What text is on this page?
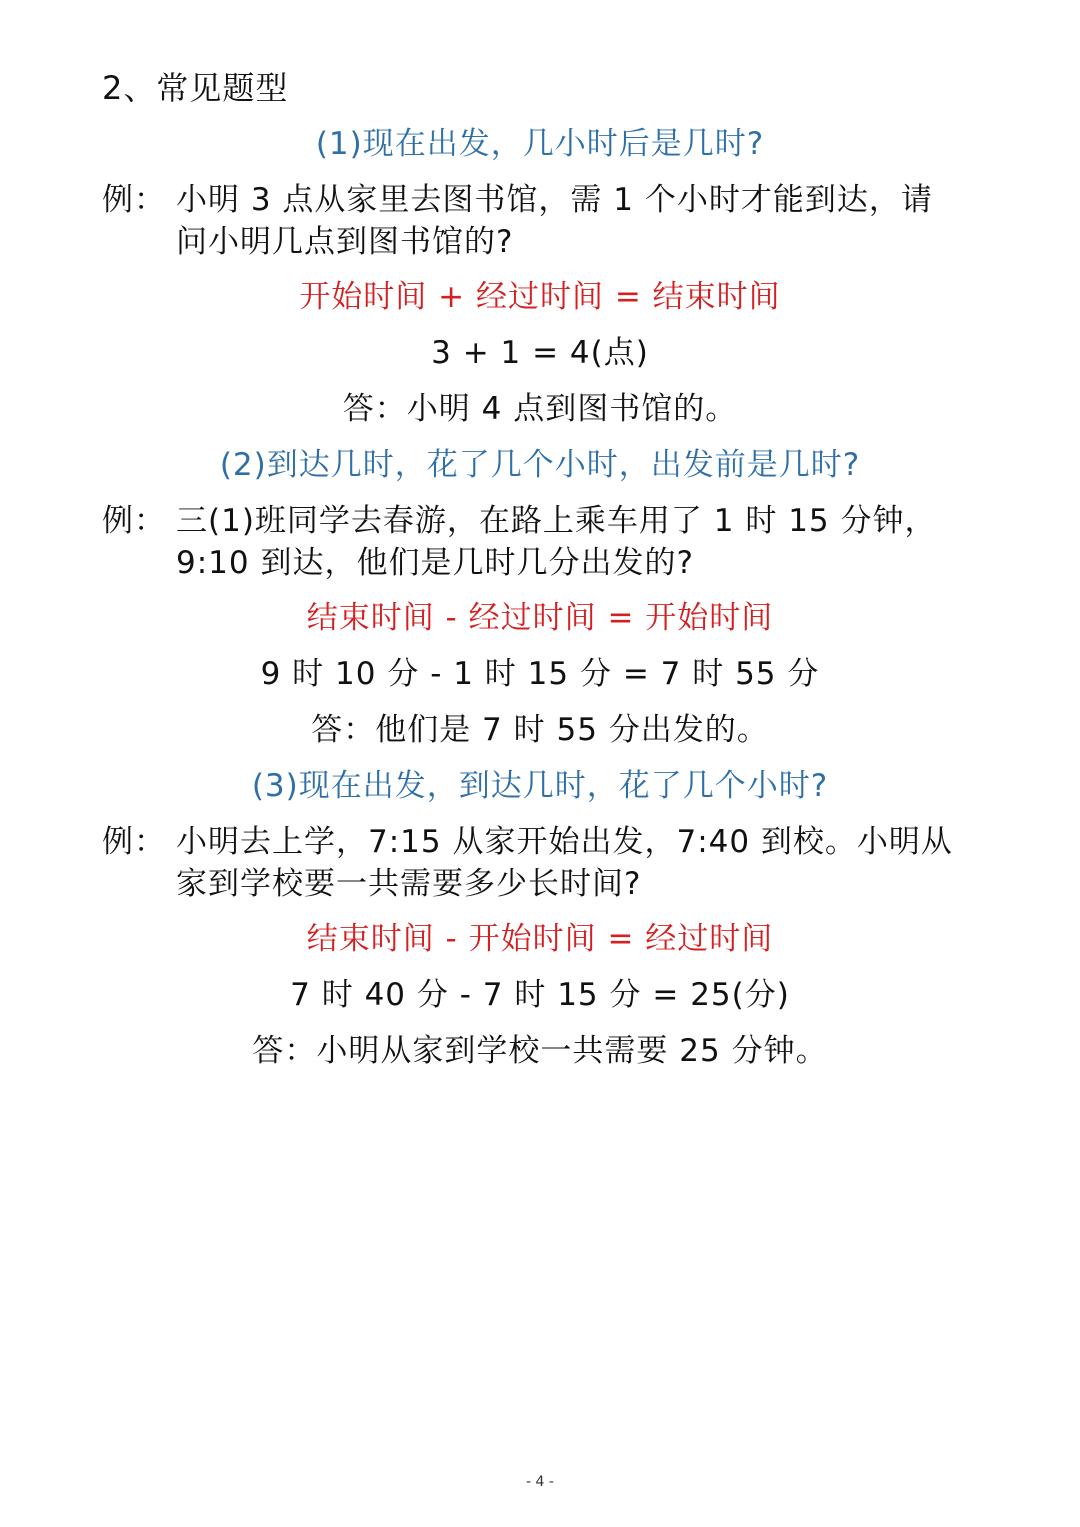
2、常见题型
(1)现在出发，几小时后是几时?
例： 小明 3 点从家里去图书馆，需 1 个小时才能到达，请
问小明几点到图书馆的?
开始时间 + 经过时间 = 结束时间
3 + 1 = 4(点)
答：小明 4 点到图书馆的。
(2)到达几时，花了几个小时，出发前是几时?
例： 三(1)班同学去春游，在路上乘车用了 1 时 15 分钟，
9:10 到达，他们是几时几分出发的?
结束时间 - 经过时间 = 开始时间
9 时 10 分 - 1 时 15 分 = 7 时 55 分
答：他们是 7 时 55 分出发的。
(3)现在出发，到达几时，花了几个小时?
例： 小明去上学，7:15 从家开始出发，7:40 到校。小明从
家到学校要一共需要多少长时间?
结束时间 - 开始时间 = 经过时间
7 时 40 分 - 7 时 15 分 = 25(分)
答：小明从家到学校一共需要 25 分钟。
- 4 -
